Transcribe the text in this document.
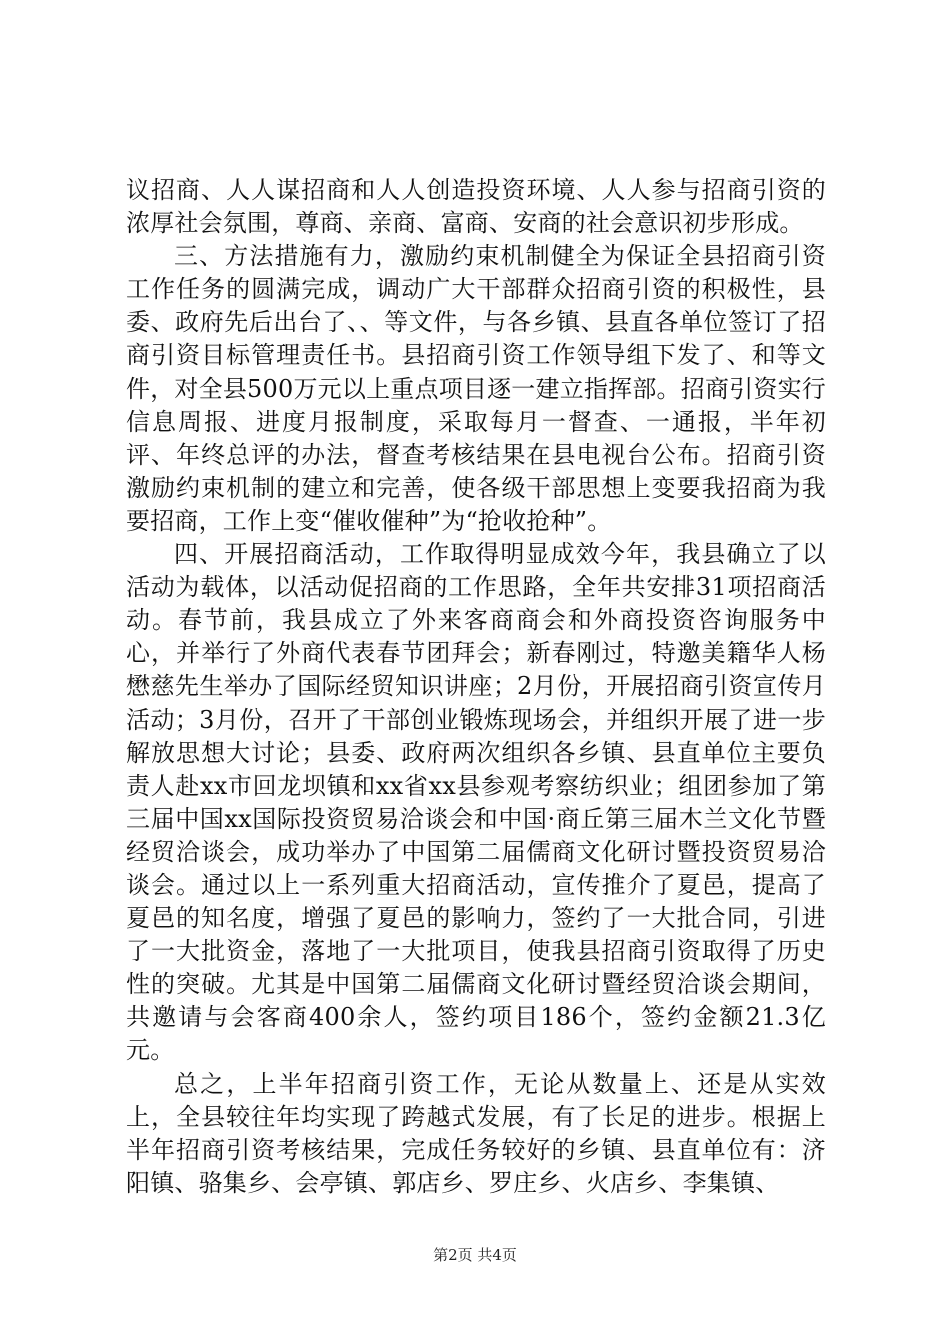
议招商、人人谋招商和人人创造投资环境、人人参与招商引资的浓厚社会氛围，尊商、亲商、富商、安商的社会意识初步形成。

三、方法措施有力，激励约束机制健全为保证全县招商引资工作任务的圆满完成，调动广大干部群众招商引资的积极性，县委、政府先后出台了、、等文件，与各乡镇、县直各单位签订了招商引资目标管理责任书。县招商引资工作领导组下发了、和等文件，对全县500万元以上重点项目逐一建立指挥部。招商引资实行信息周报、进度月报制度，采取每月一督查、一通报，半年初评、年终总评的办法，督查考核结果在县电视台公布。招商引资激励约束机制的建立和完善，使各级干部思想上变要我招商为我要招商，工作上变“催收催种”为“抢收抢种”。

四、开展招商活动，工作取得明显成效今年，我县确立了以活动为载体，以活动促招商的工作思路，全年共安排31项招商活动。春节前，我县成立了外来客商商会和外商投资咨询服务中心，并举行了外商代表春节团拜会；新春刚过，特邀美籍华人杨懋慈先生举办了国际经贸知识讲座；2月份，开展招商引资宣传月活动；3月份，召开了干部创业锻炼现场会，并组织开展了进一步解放思想大讨论；县委、政府两次组织各乡镇、县直单位主要负责人赴xx市回龙坝镇和xx省xx县参观考察纺织业；组团参加了第三届中国xx国际投资贸易洽谈会和中国·商丘第三届木兰文化节暨经贸洽谈会，成功举办了中国第二届儒商文化研讨暨投资贸易洽谈会。通过以上一系列重大招商活动，宣传推介了夏邑，提高了夏邑的知名度，增强了夏邑的影响力，签约了一大批合同，引进了一大批资金，落地了一大批项目，使我县招商引资取得了历史性的突破。尤其是中国第二届儒商文化研讨暨经贸洽谈会期间，共邀请与会客商400余人，签约项目186个，签约金额21.3亿元。

总之，上半年招商引资工作，无论从数量上、还是从实效上，全县较往年均实现了跨越式发展，有了长足的进步。根据上半年招商引资考核结果，完成任务较好的乡镇、县直单位有：济阳镇、骆集乡、会亭镇、郭店乡、罗庄乡、火店乡、李集镇、

第2页 共4页
